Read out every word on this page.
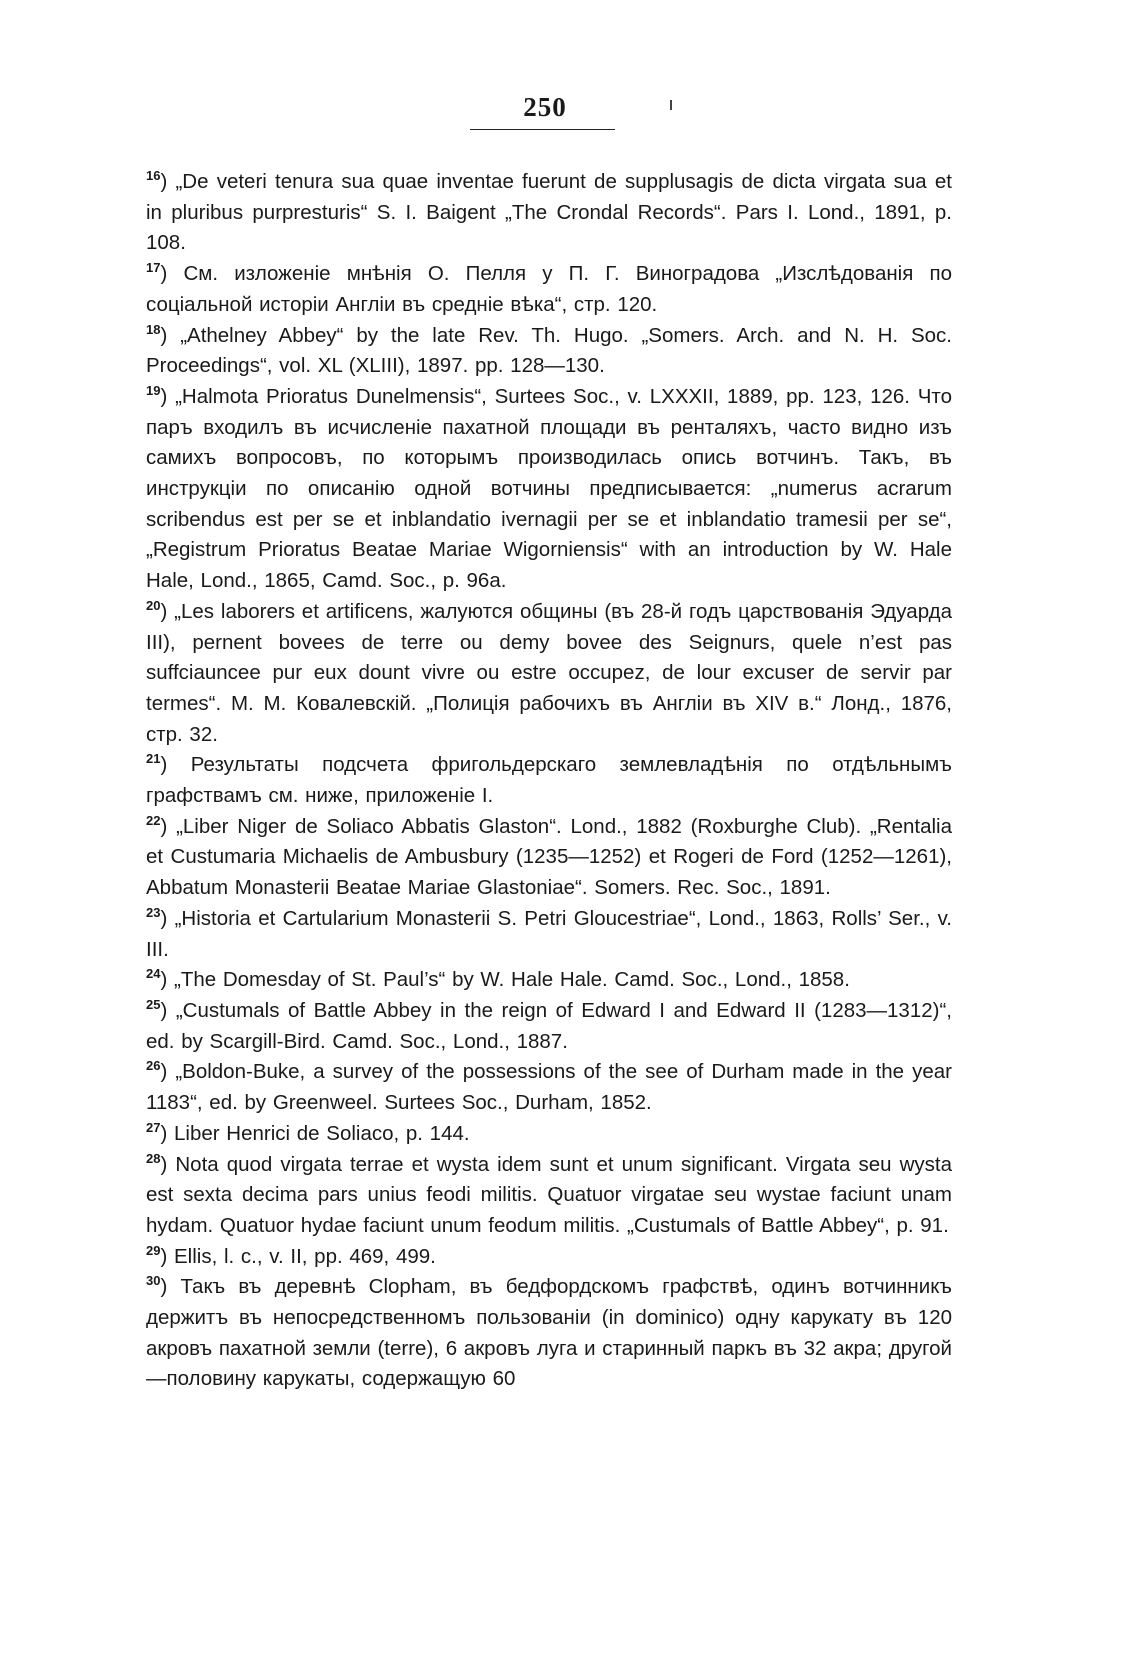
250

$^{16}$) „De veteri tenura sua quae inventae fuerunt de supplusagis de dicta virgata sua et in pluribus purpresturis“ S. I. Baigent „The Crondal Records“. Pars I. Lond., 1891, p. 108.

$^{17}$) См. изложеніе мнѣнія О. Пелля у П. Г. Виноградова „Изслѣдованія по соціальной исторіи Англіи въ средніе вѣка“, стр. 120.

$^{18}$) „Athelney Abbey“ by the late Rev. Th. Hugo. „Somers. Arch. and N. H. Soc. Proceedings“, vol. XL (XLIII), 1897. pp. 128—130.

$^{19}$) „Halmota Prioratus Dunelmensis“, Surtees Soc., v. LXXXII, 1889, pp. 123, 126. Что паръ входилъ въ исчисленіе пахатной площади въ ренталяхъ, часто видно изъ самихъ вопросовъ, по которымъ производилась опись вотчинъ. Такъ, въ инструкціи по описанію одной вотчины предписывается: „numerus acrarum scribendus est per se et inblandatio ivernagii per se et inblandatio tramesii per se“, „Registrum Prioratus Beatae Mariae Wigorniensis“ with an introduction by W. Hale Hale, Lond., 1865, Camd. Soc., p. 96a.

$^{20}$) „Les laborers et artificens, жалуются общины (въ 28-й годъ царствованія Эдуарда III), pernent bovees de terre ou demy bovee des Seignurs, quele n’est pas suffciauncee pur eux dount vivre ou estre occupez, de lour excuser de servir par termes“. М. М. Ковалевскій. „Полиція рабочихъ въ Англіи въ XIV в.“ Лонд., 1876, стр. 32.

$^{21}$) Результаты подсчета фригольдерскаго землевладѣнія по отдѣльнымъ графствамъ см. ниже, приложеніе I.

$^{22}$) „Liber Niger de Soliaco Abbatis Glaston“. Lond., 1882 (Roxburghe Club). „Rentalia et Custumaria Michaelis de Ambusbury (1235—1252) et Rogeri de Ford (1252—1261), Abbatum Monasterii Beatae Mariae Glastoniae“. Somers. Rec. Soc., 1891.

$^{23}$) „Historia et Cartularium Monasterii S. Petri Gloucestriae“, Lond., 1863, Rolls’ Ser., v. III.

$^{24}$) „The Domesday of St. Paul’s“ by W. Hale Hale. Camd. Soc., Lond., 1858.

$^{25}$) „Custumals of Battle Abbey in the reign of Edward I and Edward II (1283—1312)“, ed. by Scargill-Bird. Camd. Soc., Lond., 1887.

$^{26}$) „Boldon-Buke, a survey of the possessions of the see of Durham made in the year 1183“, ed. by Greenweel. Surtees Soc., Durham, 1852.

$^{27}$) Liber Henrici de Soliaco, p. 144.

$^{28}$) Nota quod virgata terrae et wysta idem sunt et unum significant. Virgata seu wysta est sexta decima pars unius feodi militis. Quatuor virgatae seu wystae faciunt unam hydam. Quatuor hydae faciunt unum feodum militis. „Custumals of Battle Abbey“, p. 91.

$^{29}$) Ellis, l. c., v. II, pp. 469, 499.

$^{30}$) Такъ въ деревнѣ Clopham, въ бедфордскомъ графствѣ, одинъ вотчинникъ держитъ въ непосредственномъ пользованіи (in dominico) одну карукату въ 120 акровъ пахатной земли (terre), 6 акровъ луга и старинный паркъ въ 32 акра; другой—половину карукаты, содержащую 60
